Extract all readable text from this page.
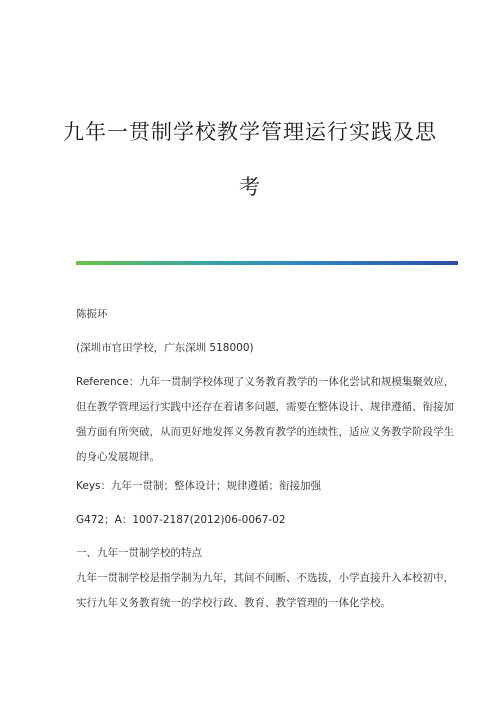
九年一贯制学校教学管理运行实践及思
考

陈振环

(深圳市官田学校，广东深圳 518000)

Reference：九年一贯制学校体现了义务教育教学的一体化尝试和规模集聚效应，但在教学管理运行实践中还存在着诸多问题，需要在整体设计、规律遵循、衔接加强方面有所突破，从而更好地发挥义务教育教学的连续性，适应义务教学阶段学生的身心发展规律。

Keys：九年一贯制；整体设计；规律遵循；衔接加强

G472；A：1007-2187(2012)06-0067-02

一、九年一贯制学校的特点

九年一贯制学校是指学制为九年，其间不间断、不选拔，小学直接升入本校初中，实行九年义务教育统一的学校行政、教育、教学管理的一体化学校。
